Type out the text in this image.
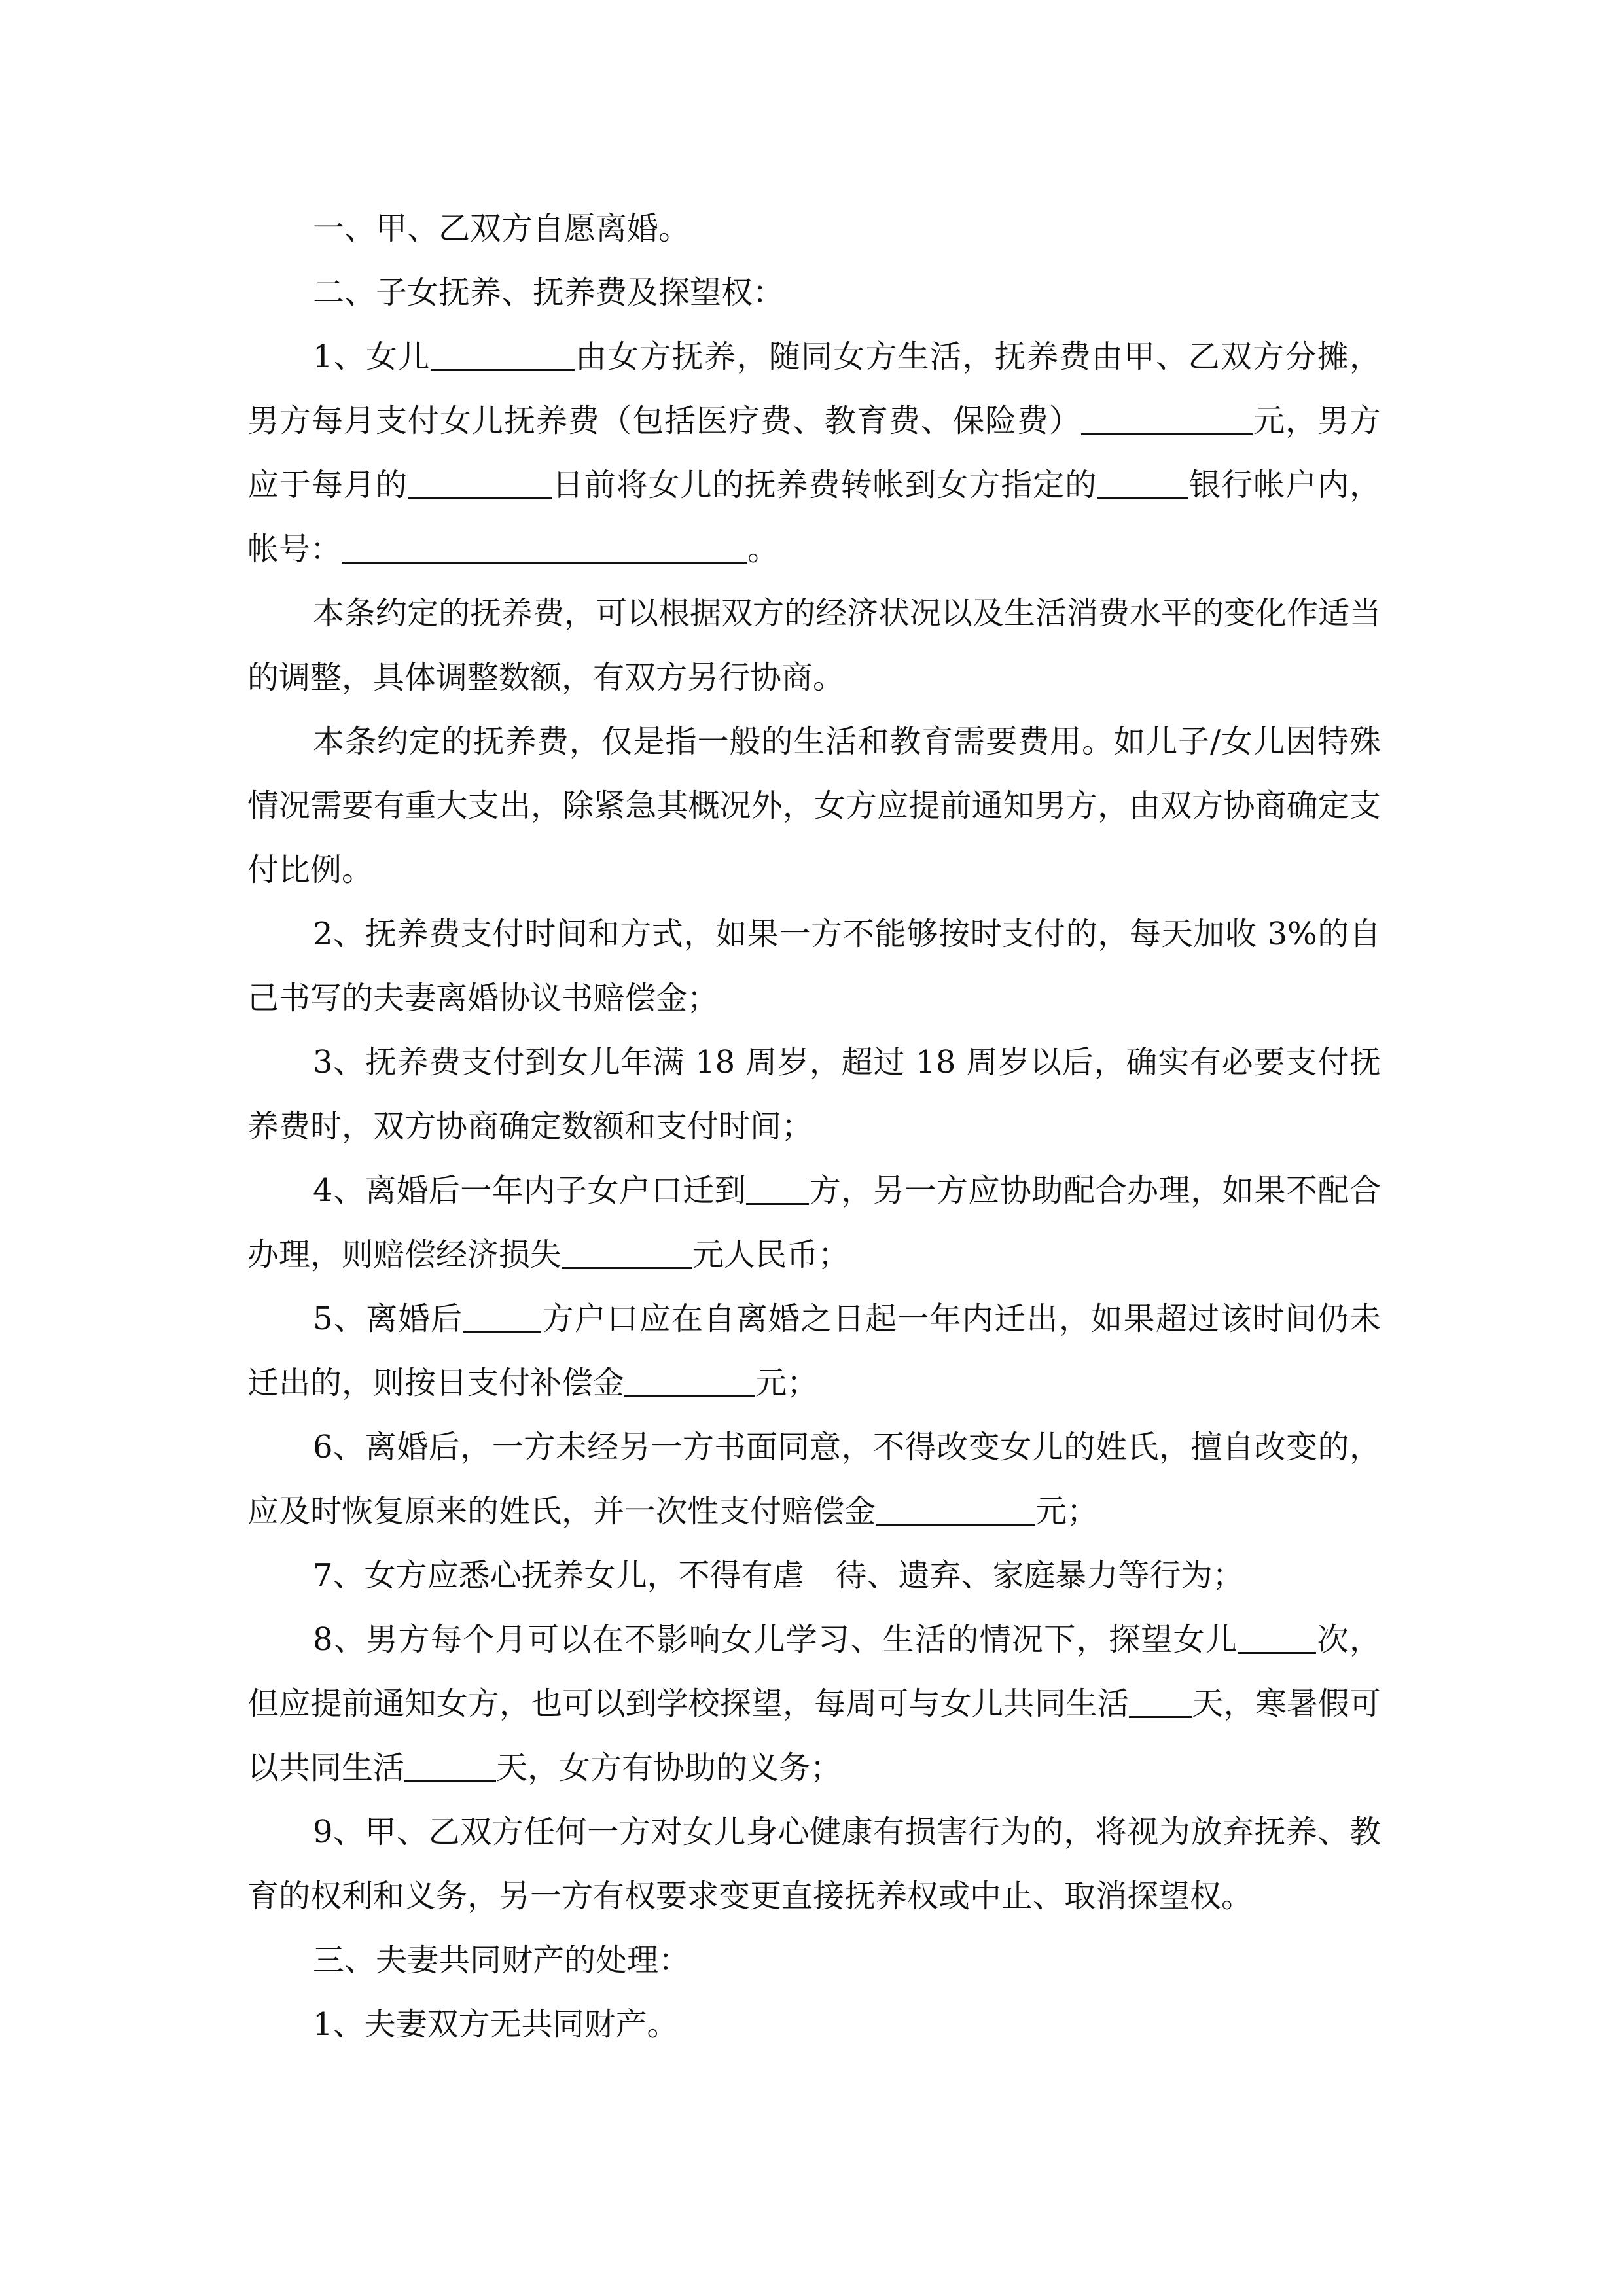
一、甲、乙双方自愿离婚。

二、子女抚养、抚养费及探望权：

1、女儿	由女方抚养，随同女方生活，抚养费由甲、乙双方分摊，男方每月支付女儿抚养费（包括医疗费、教育费、保险费）	元，男方应于每月的	日前将女儿的抚养费转帐到女方指定的	银行帐户内，帐号：	。

本条约定的抚养费，可以根据双方的经济状况以及生活消费水平的变化作适当的调整，具体调整数额，有双方另行协商。

本条约定的抚养费，仅是指一般的生活和教育需要费用。如儿子/女儿因特殊情况需要有重大支出，除紧急其概况外，女方应提前通知男方，由双方协商确定支付比例。

2、抚养费支付时间和方式，如果一方不能够按时支付的，每天加收 3%的自己书写的夫妻离婚协议书赔偿金；

3、抚养费支付到女儿年满 18 周岁，超过 18 周岁以后，确实有必要支付抚养费时，双方协商确定数额和支付时间；

4、离婚后一年内子女户口迁到 方，另一方应协助配合办理，如果不配合办理，则赔偿经济损失	元人民币；

5、离婚后	方户口应在自离婚之日起一年内迁出，如果超过该时间仍未迁出的，则按日支付补偿金	元；

6、离婚后，一方未经另一方书面同意，不得改变女儿的姓氏，擅自改变的，应及时恢复原来的姓氏，并一次性支付赔偿金	元；

7、女方应悉心抚养女儿，不得有虐　待、遗弃、家庭暴力等行为；

8、男方每个月可以在不影响女儿学习、生活的情况下，探望女儿	次，但应提前通知女方，也可以到学校探望，每周可与女儿共同生活 天，寒暑假可以共同生活	天，女方有协助的义务；

9、甲、乙双方任何一方对女儿身心健康有损害行为的，将视为放弃抚养、教育的权利和义务，另一方有权要求变更直接抚养权或中止、取消探望权。

三、夫妻共同财产的处理：

1、夫妻双方无共同财产。
